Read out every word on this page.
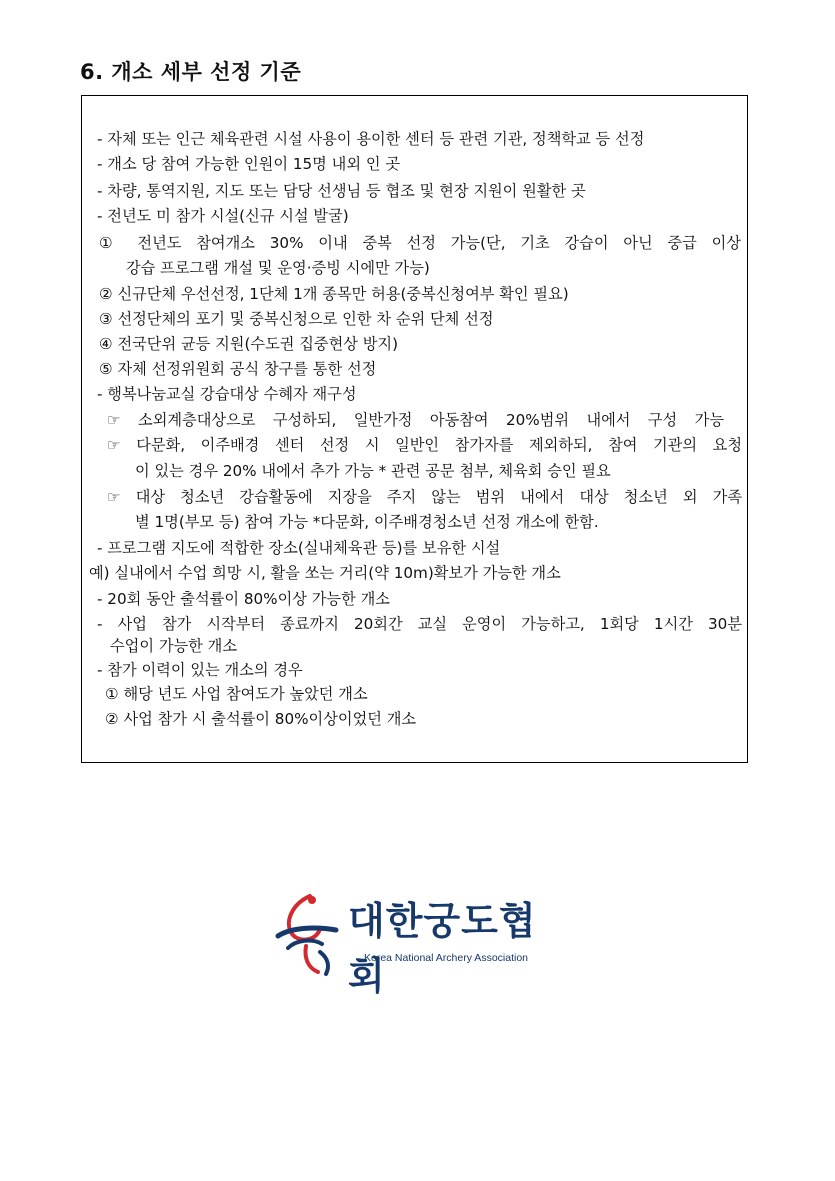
6. 개소 세부 선정 기준
- 자체 또는 인근 체육관련 시설 사용이 용이한 센터 등 관련 기관, 정책학교 등 선정
- 개소 당 참여 가능한 인원이 15명 내외 인 곳
- 차량, 통역지원, 지도 또는 담당 선생님 등 협조 및 현장 지원이 원활한 곳
- 전년도 미 참가 시설(신규 시설 발굴)
① 전년도 참여개소 30% 이내 중복 선정 가능(단, 기초 강습이 아닌 중급 이상
강습 프로그램 개설 및 운영·증빙 시에만 가능)
② 신규단체 우선선정, 1단체 1개 종목만 허용(중복신청여부 확인 필요)
③ 선정단체의 포기 및 중복신청으로 인한 차 순위 단체 선정
④ 전국단위 균등 지원(수도권 집중현상 방지)
⑤ 자체 선정위원회 공식 창구를 통한 선정
- 행복나눔교실 강습대상 수혜자 재구성
☞ 소외계층대상으로 구성하되, 일반가정 아동참여 20%범위 내에서 구성 가능
☞ 다문화, 이주배경 센터 선정 시 일반인 참가자를 제외하되, 참여 기관의 요청
이 있는 경우 20% 내에서 추가 가능 * 관련 공문 첨부, 체육회 승인 필요
☞ 대상 청소년 강습활동에 지장을 주지 않는 범위 내에서 대상 청소년 외 가족
별 1명(부모 등) 참여 가능 *다문화, 이주배경청소년 선정 개소에 한함.
- 프로그램 지도에 적합한 장소(실내체육관 등)를 보유한 시설
예) 실내에서 수업 희망 시, 활을 쏘는 거리(약 10m)확보가 가능한 개소
- 20회 동안 출석률이 80%이상 가능한 개소
- 사업 참가 시작부터 종료까지 20회간 교실 운영이 가능하고, 1회당 1시간 30분
수업이 가능한 개소
- 참가 이력이 있는 개소의 경우
① 해당 년도 사업 참여도가 높았던 개소
② 사업 참가 시 출석률이 80%이상이었던 개소
대한궁도협회
Korea National Archery Association
